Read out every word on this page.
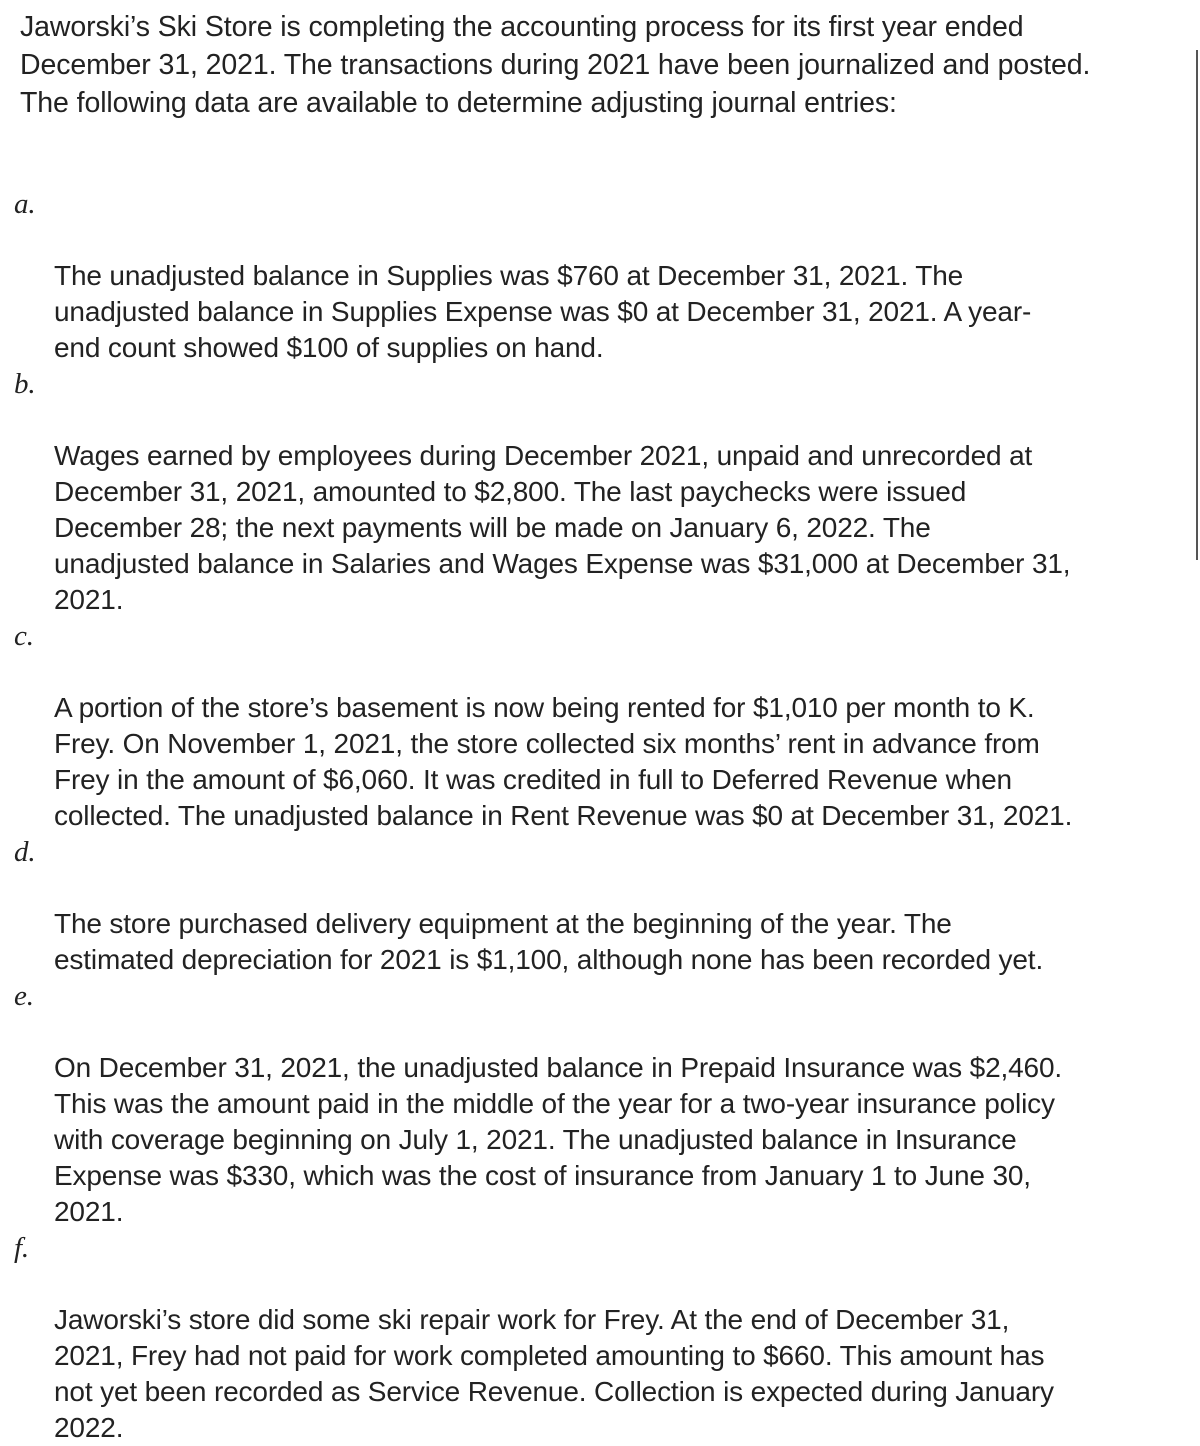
Jaworski’s Ski Store is completing the accounting process for its first year ended
December 31, 2021. The transactions during 2021 have been journalized and posted.
The following data are available to determine adjusting journal entries:

a.

The unadjusted balance in Supplies was $760 at December 31, 2021. The
unadjusted balance in Supplies Expense was $0 at December 31, 2021. A year-
end count showed $100 of supplies on hand.

b.

Wages earned by employees during December 2021, unpaid and unrecorded at
December 31, 2021, amounted to $2,800. The last paychecks were issued
December 28; the next payments will be made on January 6, 2022. The
unadjusted balance in Salaries and Wages Expense was $31,000 at December 31,
2021.

c.

A portion of the store’s basement is now being rented for $1,010 per month to K.
Frey. On November 1, 2021, the store collected six months’ rent in advance from
Frey in the amount of $6,060. It was credited in full to Deferred Revenue when
collected. The unadjusted balance in Rent Revenue was $0 at December 31, 2021.

d.

The store purchased delivery equipment at the beginning of the year. The
estimated depreciation for 2021 is $1,100, although none has been recorded yet.

e.

On December 31, 2021, the unadjusted balance in Prepaid Insurance was $2,460.
This was the amount paid in the middle of the year for a two-year insurance policy
with coverage beginning on July 1, 2021. The unadjusted balance in Insurance
Expense was $330, which was the cost of insurance from January 1 to June 30,
2021.

f.

Jaworski’s store did some ski repair work for Frey. At the end of December 31,
2021, Frey had not paid for work completed amounting to $660. This amount has
not yet been recorded as Service Revenue. Collection is expected during January
2022.
